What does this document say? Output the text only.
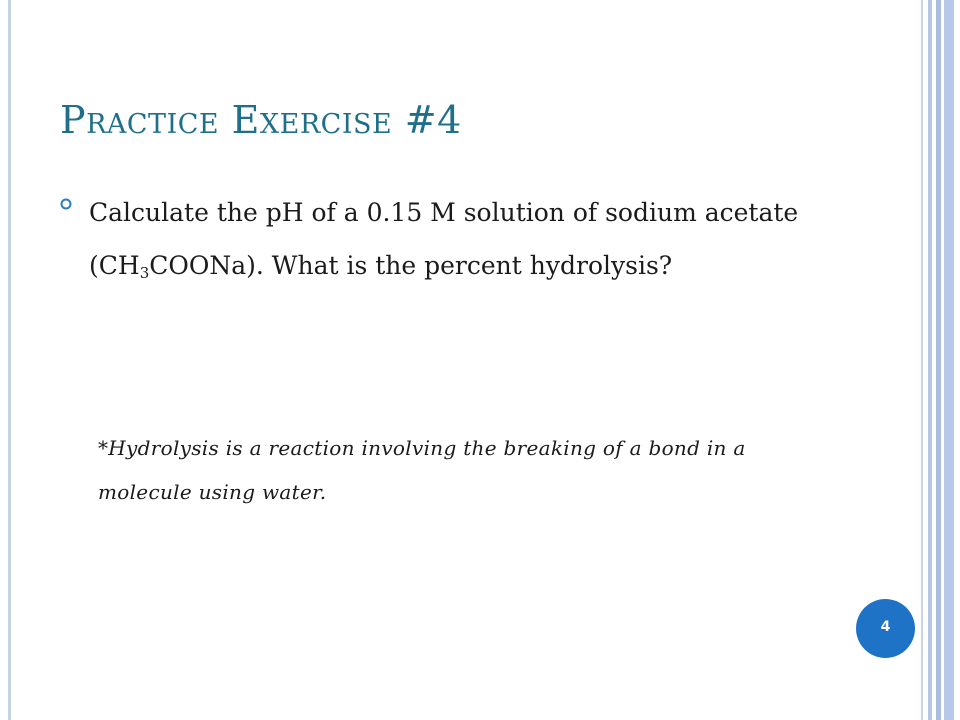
Practice Exercise #4
Calculate the pH of a 0.15 M solution of sodium acetate $(CH_3COONa)$. What is the percent hydrolysis?
*Hydrolysis is a reaction involving the breaking of a bond in a molecule using water.
4
